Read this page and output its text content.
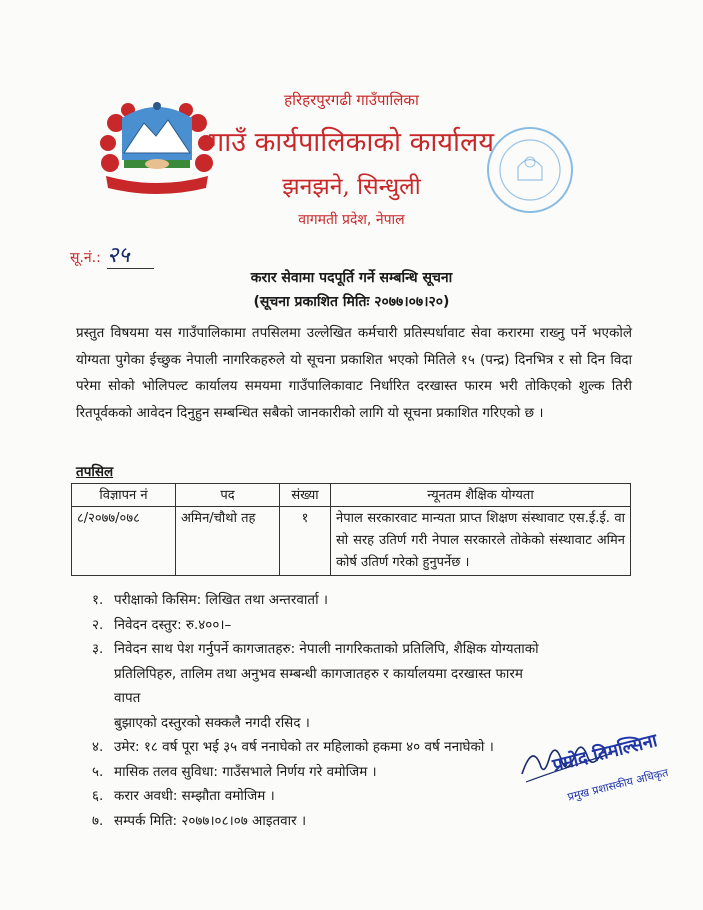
हरिहरपुरगढी गाउँपालिका
गाउँ कार्यपालिकाको कार्यालय
झनझने, सिन्धुली
वागमती प्रदेश, नेपाल
सू.नं.: २५
करार सेवामा पदपूर्ति गर्ने सम्बन्धि सूचना
(सूचना प्रकाशित मितिः २०७७।०७।२०)
प्रस्तुत विषयमा यस गाउँपालिकामा तपसिलमा उल्लेखित कर्मचारी प्रतिस्पर्धावाट सेवा करारमा राख्नु पर्ने भएकोले योग्यता पुगेका ईच्छुक नेपाली नागरिकहरुले यो सूचना प्रकाशित भएको मितिले १५ (पन्द्र) दिनभित्र र सो दिन विदा परेमा सोको भोलिपल्ट कार्यालय समयमा गाउँपालिकावाट निर्धारित दरखास्त फारम भरी तोकिएको शुल्क तिरी रितपूर्वकको आवेदन दिनुहुन सम्बन्धित सबैको जानकारीको लागि यो सूचना प्रकाशित गरिएको छ ।
तपसिल
विज्ञापन नं	पद	संख्या	न्यूनतम शैक्षिक योग्यता
८/२०७७/०७८	अमिन/चौथो तह	१	नेपाल सरकारवाट मान्यता प्राप्त शिक्षण संस्थावाट एस.ई.ई. वा सो सरह उतिर्ण गरी नेपाल सरकारले तोकेको संस्थावाट अमिन कोर्ष उतिर्ण गरेको हुनुपर्नेछ ।
१. परीक्षाको किसिम: लिखित तथा अन्तरवार्ता ।
२. निवेदन दस्तुर: रु.४००।–
३. निवेदन साथ पेश गर्नुपर्ने कागजातहरु: नेपाली नागरिकताको प्रतिलिपि, शैक्षिक योग्यताको
प्रतिलिपिहरु, तालिम तथा अनुभव सम्बन्धी कागजातहरु र कार्यालयमा दरखास्त फारम वापत
बुझाएको दस्तुरको सक्कलै नगदी रसिद ।
४. उमेर: १८ वर्ष पूरा भई ३५ वर्ष ननाघेको तर महिलाको हकमा ४० वर्ष ननाघेको ।
५. मासिक तलव सुविधा: गाउँसभाले निर्णय गरे वमोजिम ।
६. करार अवधी: सम्झौता वमोजिम ।
७. सम्पर्क मिति: २०७७।०८।०७ आइतवार ।
प्रमोद तिमल्सिना
प्रमुख प्रशासकीय अधिकृत
